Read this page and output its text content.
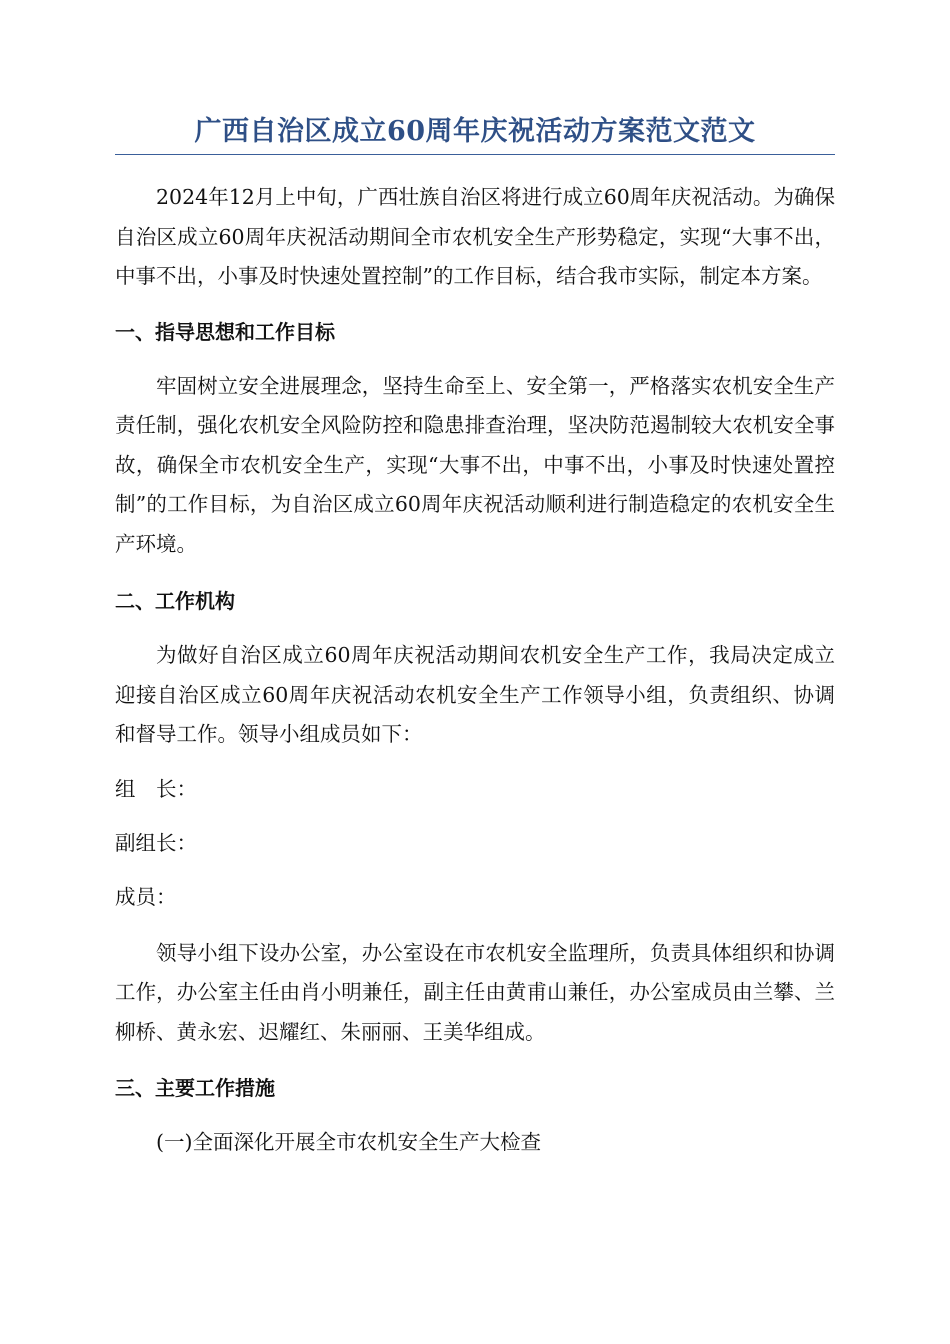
广西自治区成立60周年庆祝活动方案范文范文

2024年12月上中旬，广西壮族自治区将进行成立60周年庆祝活动。为确保自治区成立60周年庆祝活动期间全市农机安全生产形势稳定，实现“大事不出，中事不出，小事及时快速处置控制”的工作目标，结合我市实际，制定本方案。

一、指导思想和工作目标

牢固树立安全进展理念，坚持生命至上、安全第一，严格落实农机安全生产责任制，强化农机安全风险防控和隐患排查治理，坚决防范遏制较大农机安全事故，确保全市农机安全生产，实现“大事不出，中事不出，小事及时快速处置控制”的工作目标，为自治区成立60周年庆祝活动顺利进行制造稳定的农机安全生产环境。

二、工作机构

为做好自治区成立60周年庆祝活动期间农机安全生产工作，我局决定成立迎接自治区成立60周年庆祝活动农机安全生产工作领导小组，负责组织、协调和督导工作。领导小组成员如下：

组　长：

副组长：

成员：

领导小组下设办公室，办公室设在市农机安全监理所，负责具体组织和协调工作，办公室主任由肖小明兼任，副主任由黄甫山兼任，办公室成员由兰攀、兰柳桥、黄永宏、迟耀红、朱丽丽、王美华组成。

三、主要工作措施

(一)全面深化开展全市农机安全生产大检查
